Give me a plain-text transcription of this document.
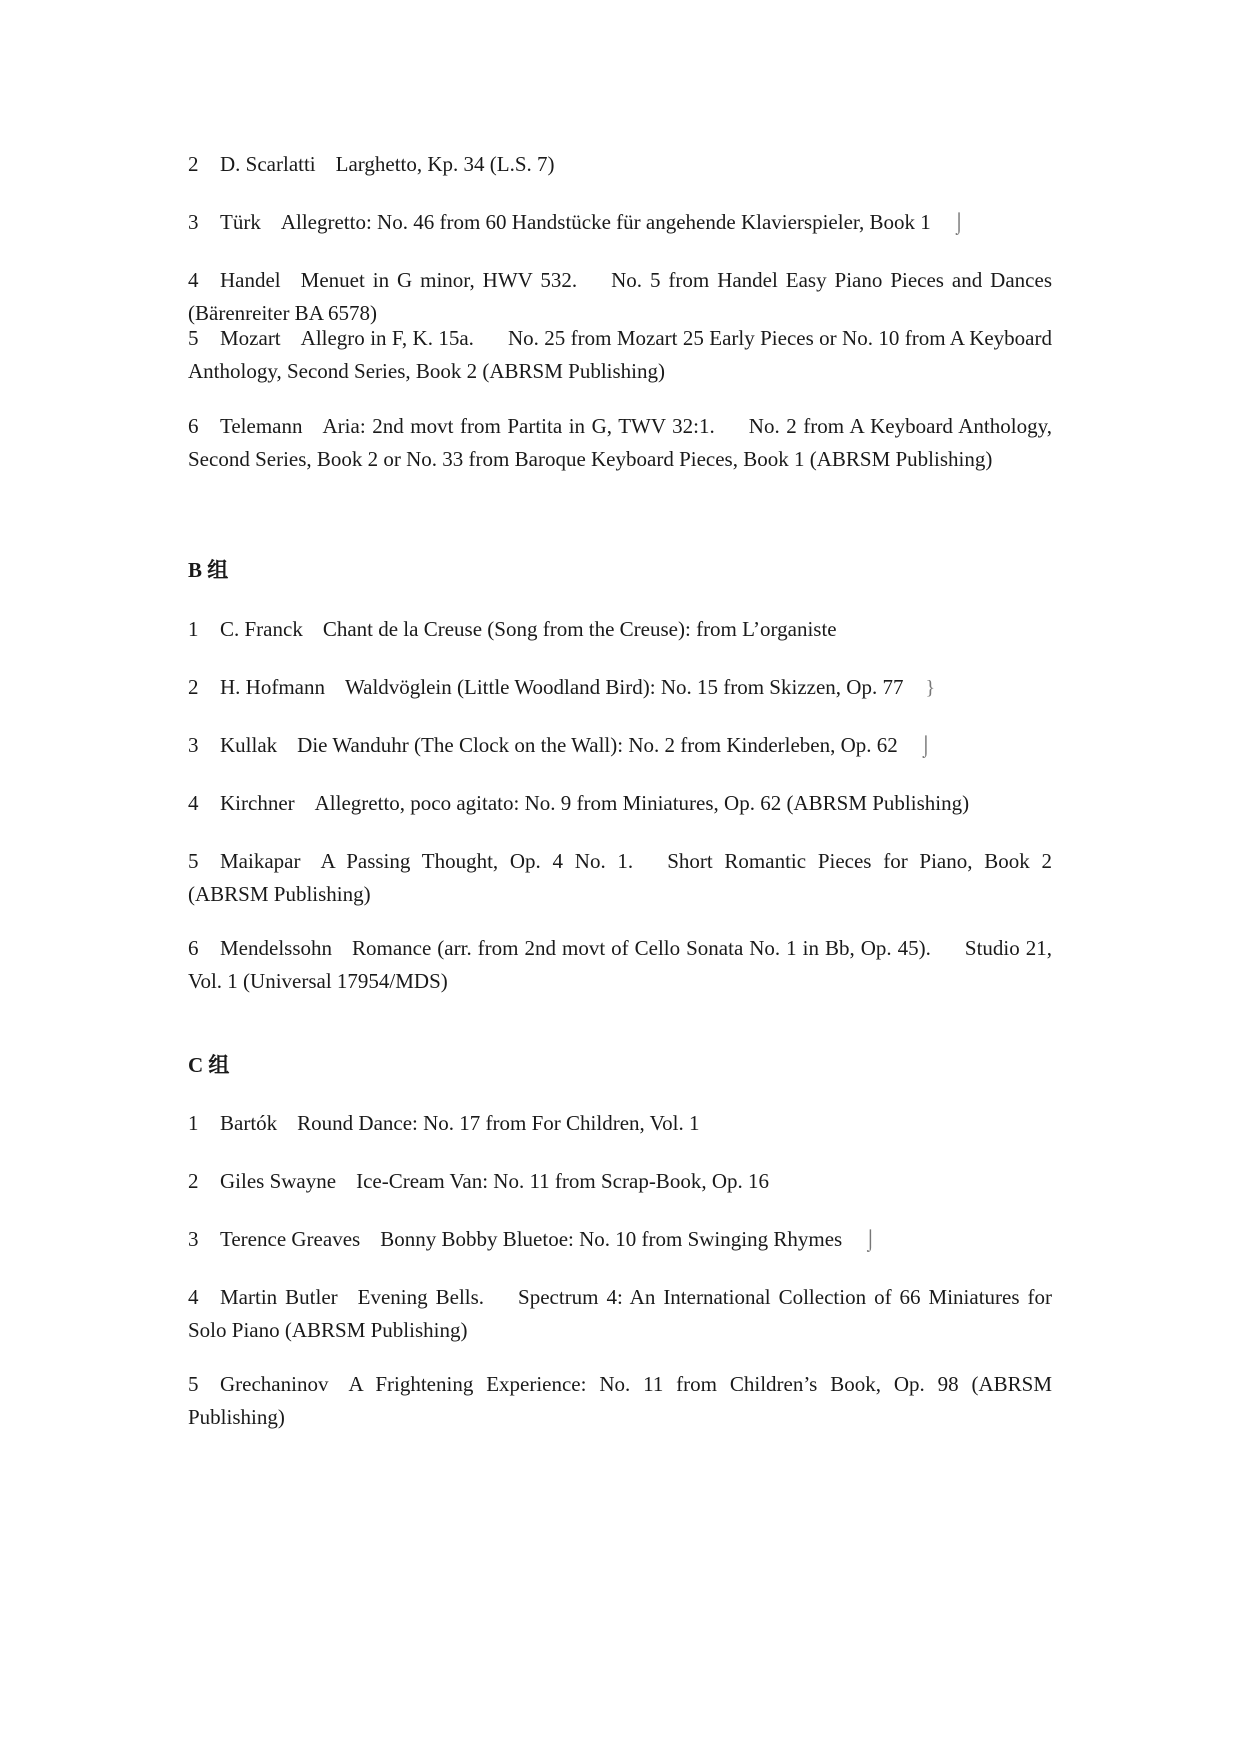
2 D. Scarlatti Larghetto, Kp. 34 (L.S. 7)
3 Türk Allegretto: No. 46 from 60 Handstücke für angehende Klavierspieler, Book 1 ⌡
4 Handel Menuet in G minor, HWV 532. No. 5 from Handel Easy Piano Pieces and Dances (Bärenreiter BA 6578)
5 Mozart Allegro in F, K. 15a. No. 25 from Mozart 25 Early Pieces or No. 10 from A Keyboard Anthology, Second Series, Book 2 (ABRSM Publishing)
6 Telemann Aria: 2nd movt from Partita in G, TWV 32:1. No. 2 from A Keyboard Anthology, Second Series, Book 2 or No. 33 from Baroque Keyboard Pieces, Book 1 (ABRSM Publishing)
B 组
1 C. Franck Chant de la Creuse (Song from the Creuse): from L’organiste
2 H. Hofmann Waldvöglein (Little Woodland Bird): No. 15 from Skizzen, Op. 77 }
3 Kullak Die Wanduhr (The Clock on the Wall): No. 2 from Kinderleben, Op. 62 ⌡
4 Kirchner Allegretto, poco agitato: No. 9 from Miniatures, Op. 62 (ABRSM Publishing)
5 Maikapar A Passing Thought, Op. 4 No. 1. Short Romantic Pieces for Piano, Book 2 (ABRSM Publishing)
6 Mendelssohn Romance (arr. from 2nd movt of Cello Sonata No. 1 in Bb, Op. 45). Studio 21, Vol. 1 (Universal 17954/MDS)
C 组
1 Bartók Round Dance: No. 17 from For Children, Vol. 1
2 Giles Swayne Ice-Cream Van: No. 11 from Scrap-Book, Op. 16
3 Terence Greaves Bonny Bobby Bluetoe: No. 10 from Swinging Rhymes ⌡
4 Martin Butler Evening Bells. Spectrum 4: An International Collection of 66 Miniatures for Solo Piano (ABRSM Publishing)
5 Grechaninov A Frightening Experience: No. 11 from Children’s Book, Op. 98 (ABRSM Publishing)
